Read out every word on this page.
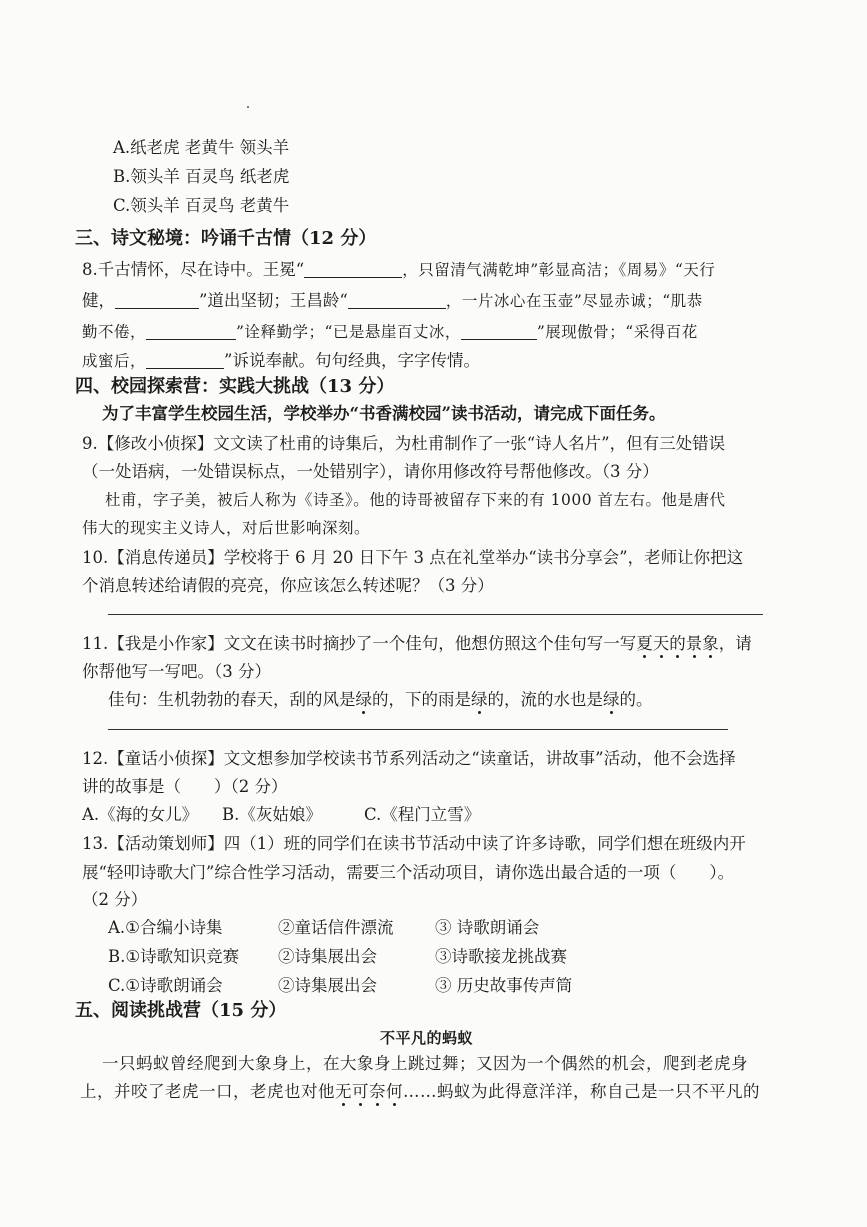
A.纸老虎 老黄牛 领头羊
B.领头羊 百灵鸟 纸老虎
C.领头羊 百灵鸟 老黄牛
三、诗文秘境：吟诵千古情（12 分）
8.千古情怀，尽在诗中。王冕“	，只留清气满乾坤”彰显高洁；《周易》“天行
健，	”道出坚韧；王昌龄“	，一片冰心在玉壶”尽显赤诚；“肌恭
勤不倦，	”诠释勤学；“已是悬崖百丈冰，	”展现傲骨；“采得百花
成蜜后，	”诉说奉献。句句经典，字字传情。
四、校园探索营：实践大挑战（13 分）
为了丰富学生校园生活，学校举办“书香满校园”读书活动，请完成下面任务。
9.【修改小侦探】文文读了杜甫的诗集后，为杜甫制作了一张“诗人名片”，但有三处错误
（一处语病，一处错误标点，一处错别字），请你用修改符号帮他修改。（3 分）
杜甫，字子美，被后人称为《诗圣》。他的诗哥被留存下来的有 1000 首左右。他是唐代
伟大的现实主义诗人，对后世影响深刻。
10.【消息传递员】学校将于 6 月 20 日下午 3 点在礼堂举办“读书分享会”，老师让你把这
个消息转述给请假的亮亮，你应该怎么转述呢？（3 分）
11.【我是小作家】文文在读书时摘抄了一个佳句，他想仿照这个佳句写一写夏天的景象，请
你帮他写一写吧。（3 分）
佳句：生机勃勃的春天，刮的风是绿的，下的雨是绿的，流的水也是绿的。
12.【童话小侦探】文文想参加学校读书节系列活动之“读童话，讲故事”活动，他不会选择
讲的故事是（　　）（2 分）
A.《海的女儿》 B.《灰姑娘》	C.《程门立雪》
13.【活动策划师】四（1）班的同学们在读书节活动中读了许多诗歌，同学们想在班级内开
展“轻叩诗歌大门”综合性学习活动，需要三个活动项目，请你选出最合适的一项（　　）。
（2 分）
A.①合编小诗集	②童话信件漂流	③ 诗歌朗诵会
B.①诗歌知识竞赛 ②诗集展出会	③诗歌接龙挑战赛
C.①诗歌朗诵会	②诗集展出会	③ 历史故事传声筒
五、阅读挑战营（15 分）
不平凡的蚂蚁
一只蚂蚁曾经爬到大象身上，在大象身上跳过舞；又因为一个偶然的机会，爬到老虎身
上，并咬了老虎一口，老虎也对他无可奈何……蚂蚁为此得意洋洋，称自己是一只不平凡的
